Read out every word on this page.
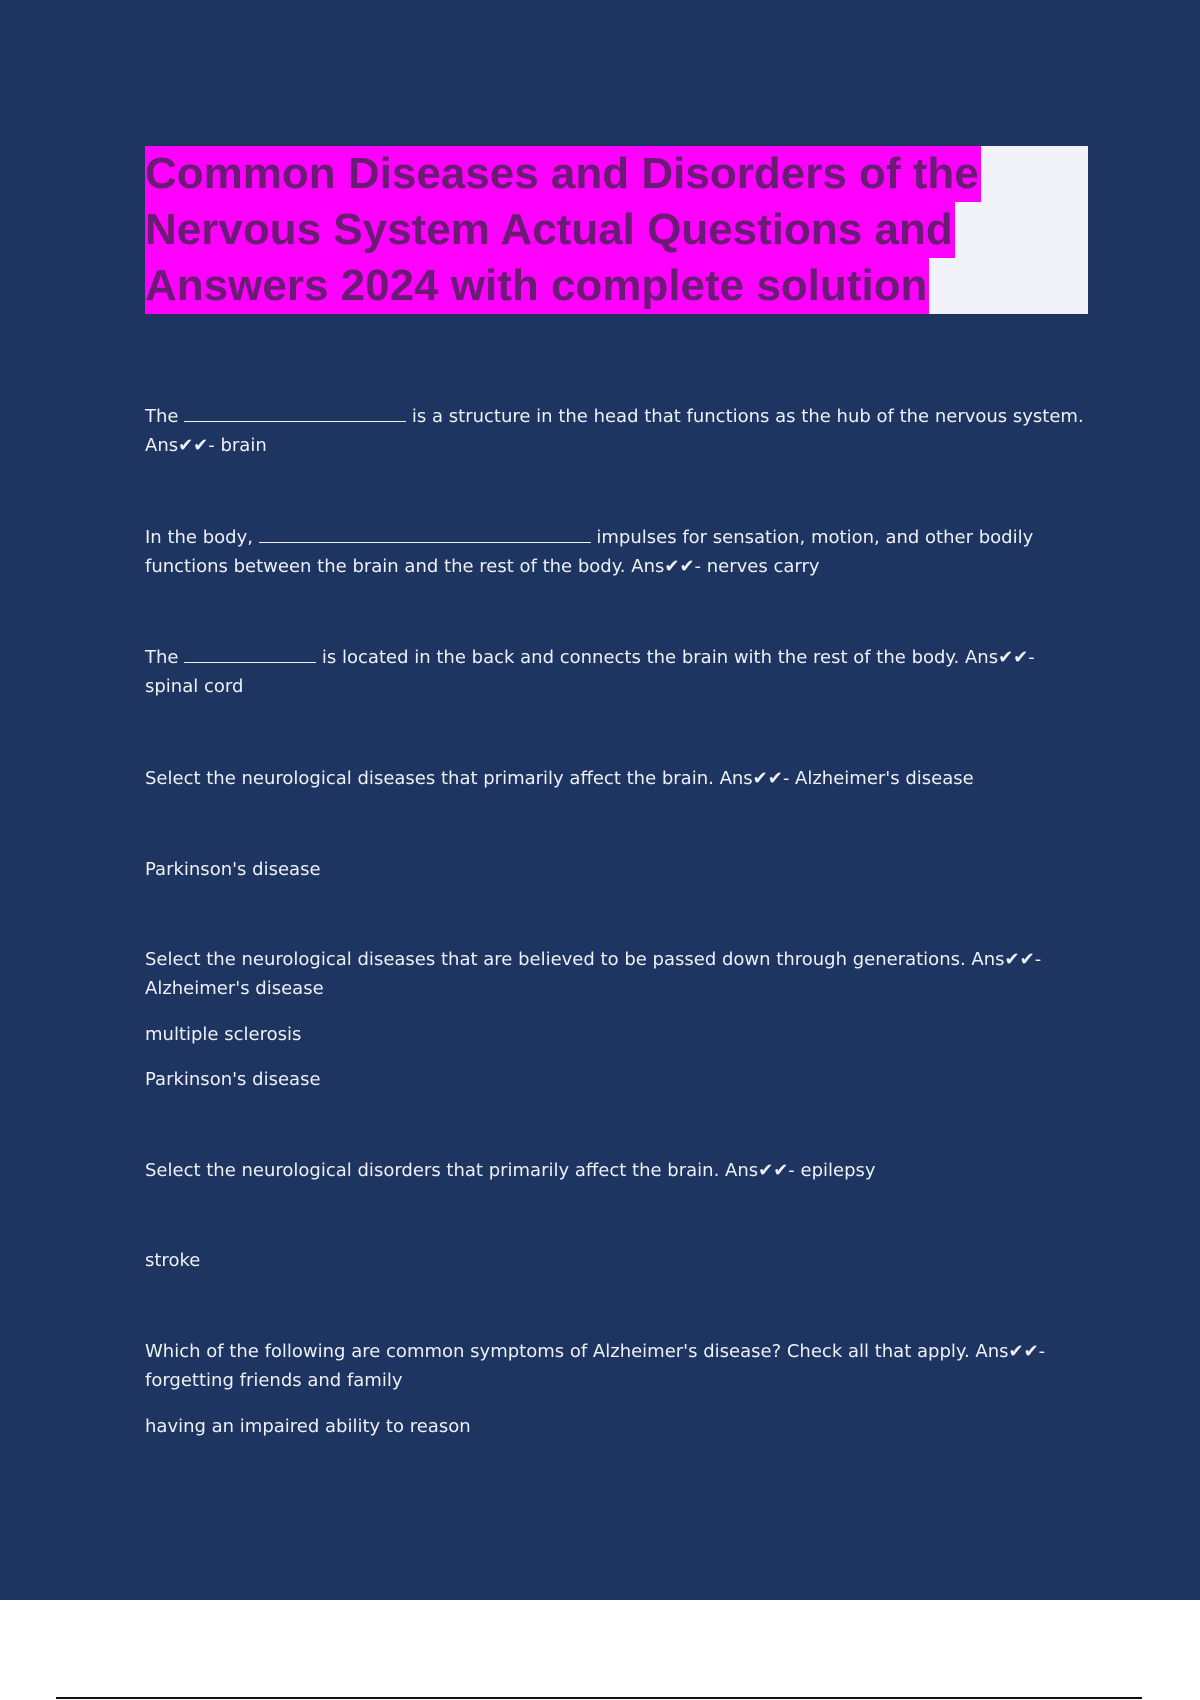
Common Diseases and Disorders of the
Nervous System Actual Questions and
Answers 2024 with complete solution

The	is a structure in the head that functions as the hub of the nervous system. Ans✔✔- brain

In the body,	impulses for sensation, motion, and other bodily functions between the brain and the rest of the body. Ans✔✔- nerves carry

The	is located in the back and connects the brain with the rest of the body. Ans✔✔- spinal cord

Select the neurological diseases that primarily affect the brain. Ans✔✔- Alzheimer's disease

Parkinson's disease

Select the neurological diseases that are believed to be passed down through generations. Ans✔✔- Alzheimer's disease

multiple sclerosis

Parkinson's disease

Select the neurological disorders that primarily affect the brain. Ans✔✔- epilepsy

stroke

Which of the following are common symptoms of Alzheimer's disease? Check all that apply. Ans✔✔- forgetting friends and family

having an impaired ability to reason
